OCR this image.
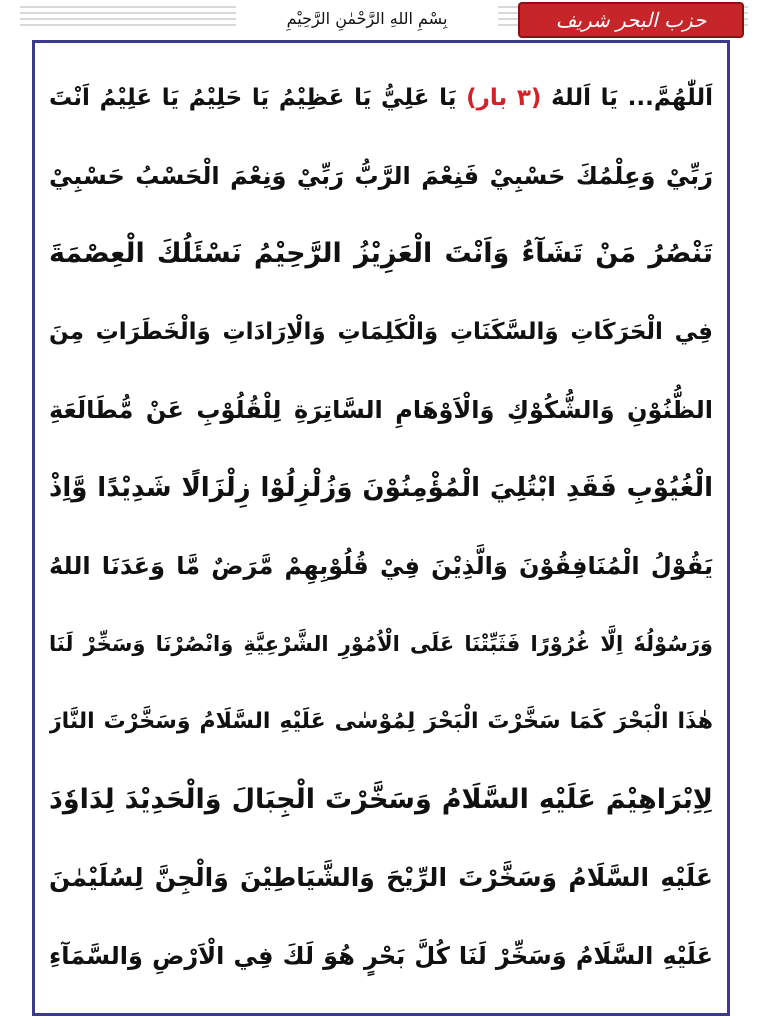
بِسْمِ اللهِ الرَّحْمٰنِ الرَّحِيْمِ	حزب البحر شریف
اَللّٰهُمَّ... يَا اَللهُ (٣ بار) يَا عَلِيُّ يَا عَظِيْمُ يَا حَلِيْمُ يَا عَلِيْمُ اَنْتَ
رَبِّيْ وَعِلْمُكَ حَسْبِيْ فَنِعْمَ الرَّبُّ رَبِّيْ وَنِعْمَ الْحَسْبُ حَسْبِيْ
تَنْصُرُ مَنْ تَشَآءُ وَاَنْتَ الْعَزِيْزُ الرَّحِيْمُ نَسْئَلُكَ الْعِصْمَةَ
فِي الْحَرَكَاتِ وَالسَّكَنَاتِ وَالْكَلِمَاتِ وَالْاِرَادَاتِ وَالْخَطَرَاتِ مِنَ
الظُّنُوْنِ وَالشُّكُوْكِ وَالْاَوْهَامِ السَّاتِرَةِ لِلْقُلُوْبِ عَنْ مُّطَالَعَةِ
الْغُيُوْبِ فَقَدِ ابْتُلِيَ الْمُؤْمِنُوْنَ وَزُلْزِلُوْا زِلْزَالًا شَدِيْدًا وَّاِذْ
يَقُوْلُ الْمُنَافِقُوْنَ وَالَّذِيْنَ فِيْ قُلُوْبِهِمْ مَّرَضٌ مَّا وَعَدَنَا اللهُ
وَرَسُوْلُهٗ اِلَّا غُرُوْرًا فَثَبِّتْنَا عَلَى الْاُمُوْرِ الشَّرْعِيَّةِ وَانْصُرْنَا وَسَخِّرْ لَنَا
هٰذَا الْبَحْرَ كَمَا سَخَّرْتَ الْبَحْرَ لِمُوْسٰى عَلَيْهِ السَّلَامُ وَسَخَّرْتَ النَّارَ
لِاِبْرَاهِيْمَ عَلَيْهِ السَّلَامُ وَسَخَّرْتَ الْجِبَالَ وَالْحَدِيْدَ لِدَاوٗدَ
عَلَيْهِ السَّلَامُ وَسَخَّرْتَ الرِّيْحَ وَالشَّيَاطِيْنَ وَالْجِنَّ لِسُلَيْمٰنَ
عَلَيْهِ السَّلَامُ وَسَخِّرْ لَنَا كُلَّ بَحْرٍ هُوَ لَكَ فِي الْاَرْضِ وَالسَّمَآءِ
